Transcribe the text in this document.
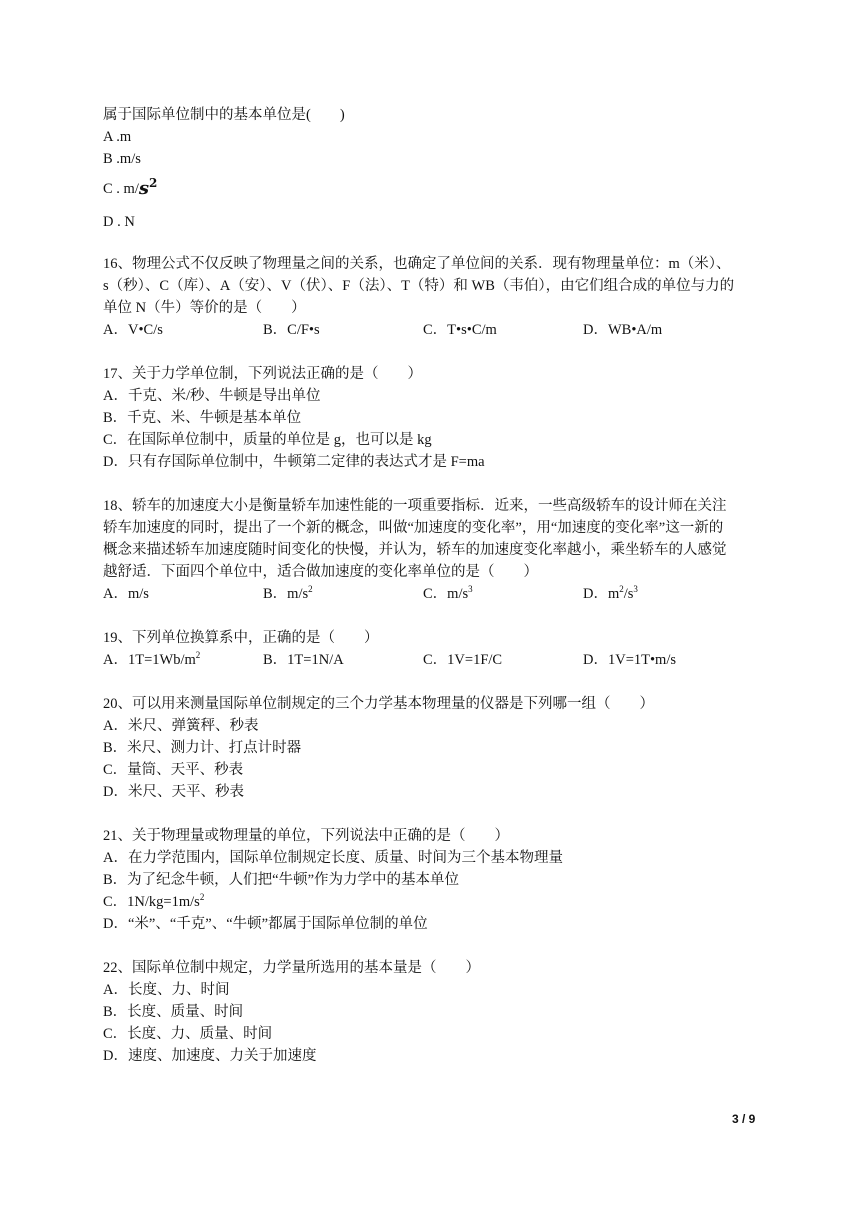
属于国际单位制中的基本单位是(　　)
A .m
B .m/s
C . m/ $s^2$
D . N
16、物理公式不仅反映了物理量之间的关系，也确定了单位间的关系．现有物理量单位：m（米）、
s（秒）、C（库）、A（安）、V（伏）、F（法）、T（特）和 WB（韦伯），由它们组合成的单位与力的
单位 N（牛）等价的是（　　）
A．V•C/s	B．C/F•s	C．T•s•C/m	D．WB•A/m
17、关于力学单位制，下列说法正确的是（　　）
A．千克、米/秒、牛顿是导出单位
B．千克、米、牛顿是基本单位
C．在国际单位制中，质量的单位是 g，也可以是 kg
D．只有存国际单位制中，牛顿第二定律的表达式才是 F=ma
18、轿车的加速度大小是衡量轿车加速性能的一项重要指标．近来，一些高级轿车的设计师在关注
轿车加速度的同时，提出了一个新的概念，叫做“加速度的变化率”，用“加速度的变化率”这一新的
概念来描述轿车加速度随时间变化的快慢，并认为，轿车的加速度变化率越小，乘坐轿车的人感觉
越舒适．下面四个单位中，适合做加速度的变化率单位的是（　　）
A．m/s	B．$m/s^2$	C．$m/s^3$	D．$m^2/s^3$
19、下列单位换算系中，正确的是（　　）
A．$1T=1Wb/m^2$	B．1T=1N/A	C．1V=1F/C	D．1V=1T•m/s
20、可以用来测量国际单位制规定的三个力学基本物理量的仪器是下列哪一组（　　）
A．米尺、弹簧秤、秒表
B．米尺、测力计、打点计时器
C．量筒、天平、秒表
D．米尺、天平、秒表
21、关于物理量或物理量的单位，下列说法中正确的是（　　）
A．在力学范围内，国际单位制规定长度、质量、时间为三个基本物理量
B．为了纪念牛顿，人们把“牛顿”作为力学中的基本单位
C．$1N/kg=1m/s^2$
D．“米”、“千克”、“牛顿”都属于国际单位制的单位
22、国际单位制中规定，力学量所选用的基本量是（　　）
A．长度、力、时间
B．长度、质量、时间
C．长度、力、质量、时间
D．速度、加速度、力关于加速度
3 / 9
